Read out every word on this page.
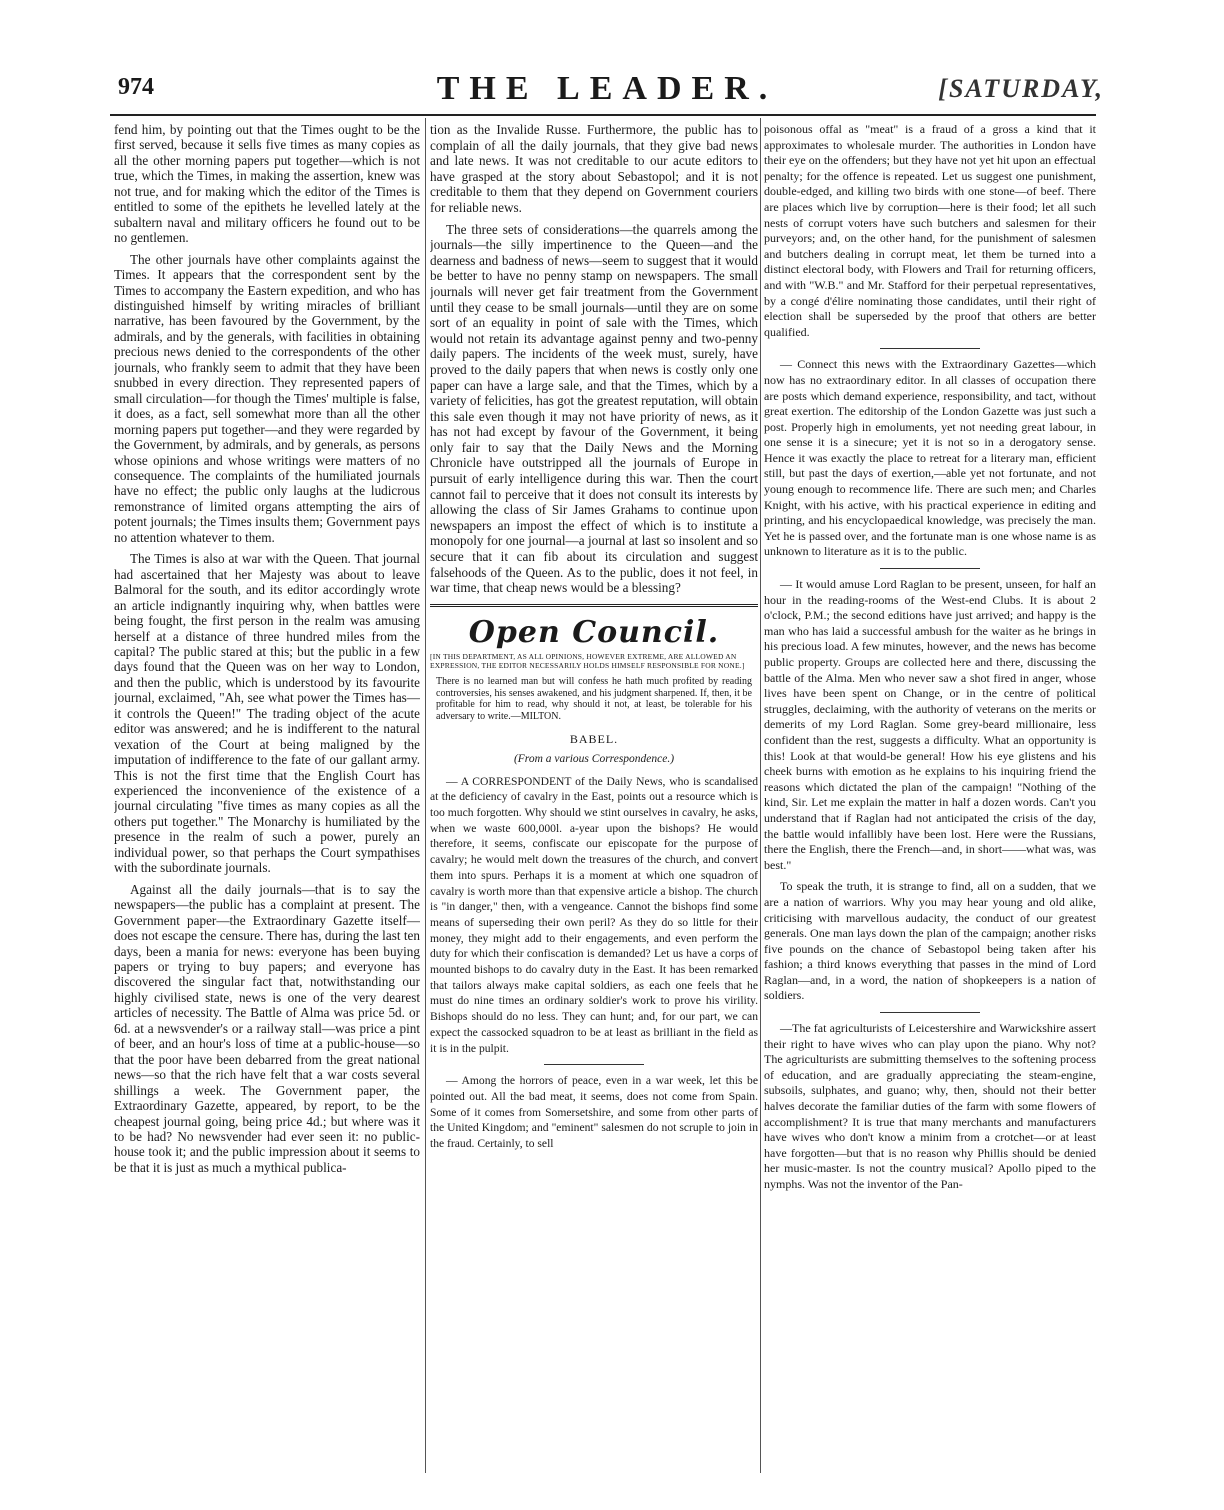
974	THE LEADER.	[SATURDAY,

fend him, by pointing out that the Times ought to be the first served, because it sells five times as many copies as all the other morning papers put together—which is not true, which the Times, in making the assertion, knew was not true, and for making which the editor of the Times is entitled to some of the epithets he levelled lately at the subaltern naval and military officers he found out to be no gentlemen.

The other journals have other complaints against the Times. It appears that the correspondent sent by the Times to accompany the Eastern expedition, and who has distinguished himself by writing miracles of brilliant narrative, has been favoured by the Government, by the admirals, and by the generals, with facilities in obtaining precious news denied to the correspondents of the other journals, who frankly seem to admit that they have been snubbed in every direction. They represented papers of small circulation—for though the Times' multiple is false, it does, as a fact, sell somewhat more than all the other morning papers put together—and they were regarded by the Government, by admirals, and by generals, as persons whose opinions and whose writings were matters of no consequence. The complaints of the humiliated journals have no effect; the public only laughs at the ludicrous remonstrance of limited organs attempting the airs of potent journals; the Times insults them; Government pays no attention whatever to them.

The Times is also at war with the Queen. That journal had ascertained that her Majesty was about to leave Balmoral for the south, and its editor accordingly wrote an article indignantly inquiring why, when battles were being fought, the first person in the realm was amusing herself at a distance of three hundred miles from the capital? The public stared at this; but the public in a few days found that the Queen was on her way to London, and then the public, which is understood by its favourite journal, exclaimed, "Ah, see what power the Times has—it controls the Queen!" The trading object of the acute editor was answered; and he is indifferent to the natural vexation of the Court at being maligned by the imputation of indifference to the fate of our gallant army. This is not the first time that the English Court has experienced the inconvenience of the existence of a journal circulating "five times as many copies as all the others put together." The Monarchy is humiliated by the presence in the realm of such a power, purely an individual power, so that perhaps the Court sympathises with the subordinate journals.

Against all the daily journals—that is to say the newspapers—the public has a complaint at present. The Government paper—the Extraordinary Gazette itself—does not escape the censure. There has, during the last ten days, been a mania for news: everyone has been buying papers or trying to buy papers; and everyone has discovered the singular fact that, notwithstanding our highly civilised state, news is one of the very dearest articles of necessity. The Battle of Alma was price 5d. or 6d. at a newsvender's or a railway stall—was price a pint of beer, and an hour's loss of time at a public-house—so that the poor have been debarred from the great national news—so that the rich have felt that a war costs several shillings a week. The Government paper, the Extraordinary Gazette, appeared, by report, to be the cheapest journal going, being price 4d.; but where was it to be had? No newsvender had ever seen it: no public-house took it; and the public impression about it seems to be that it is just as much a mythical publica-

tion as the Invalide Russe. Furthermore, the public has to complain of all the daily journals, that they give bad news and late news. It was not creditable to our acute editors to have grasped at the story about Sebastopol; and it is not creditable to them that they depend on Government couriers for reliable news.

The three sets of considerations—the quarrels among the journals—the silly impertinence to the Queen—and the dearness and badness of news—seem to suggest that it would be better to have no penny stamp on newspapers. The small journals will never get fair treatment from the Government until they cease to be small journals—until they are on some sort of an equality in point of sale with the Times, which would not retain its advantage against penny and two-penny daily papers. The incidents of the week must, surely, have proved to the daily papers that when news is costly only one paper can have a large sale, and that the Times, which by a variety of felicities, has got the greatest reputation, will obtain this sale even though it may not have priority of news, as it has not had except by favour of the Government, it being only fair to say that the Daily News and the Morning Chronicle have outstripped all the journals of Europe in pursuit of early intelligence during this war. Then the court cannot fail to perceive that it does not consult its interests by allowing the class of Sir James Grahams to continue upon newspapers an impost the effect of which is to institute a monopoly for one journal—a journal at last so insolent and so secure that it can fib about its circulation and suggest falsehoods of the Queen. As to the public, does it not feel, in war time, that cheap news would be a blessing?

Open Council.
[IN THIS DEPARTMENT, AS ALL OPINIONS, HOWEVER EXTREME, ARE ALLOWED AN EXPRESSION, THE EDITOR NECESSARILY HOLDS HIMSELF RESPONSIBLE FOR NONE.]
There is no learned man but will confess he hath much profited by reading controversies, his senses awakened, and his judgment sharpened. If, then, it be profitable for him to read, why should it not, at least, be tolerable for his adversary to write.—MILTON.
BABEL.
(From a various Correspondence.)

— A CORRESPONDENT of the Daily News, who is scandalised at the deficiency of cavalry in the East, points out a resource which is too much forgotten. Why should we stint ourselves in cavalry, he asks, when we waste 600,000l. a-year upon the bishops? He would therefore, it seems, confiscate our episcopate for the purpose of cavalry; he would melt down the treasures of the church, and convert them into spurs. Perhaps it is a moment at which one squadron of cavalry is worth more than that expensive article a bishop. The church is "in danger," then, with a vengeance. Cannot the bishops find some means of superseding their own peril? As they do so little for their money, they might add to their engagements, and even perform the duty for which their confiscation is demanded? Let us have a corps of mounted bishops to do cavalry duty in the East. It has been remarked that tailors always make capital soldiers, as each one feels that he must do nine times an ordinary soldier's work to prove his virility. Bishops should do no less. They can hunt; and, for our part, we can expect the cassocked squadron to be at least as brilliant in the field as it is in the pulpit.

— Among the horrors of peace, even in a war week, let this be pointed out. All the bad meat, it seems, does not come from Spain. Some of it comes from Somersetshire, and some from other parts of the United Kingdom; and "eminent" salesmen do not scruple to join in the fraud. Certainly, to sell

poisonous offal as "meat" is a fraud of a gross a kind that it approximates to wholesale murder. The authorities in London have their eye on the offenders; but they have not yet hit upon an effectual penalty; for the offence is repeated. Let us suggest one punishment, double-edged, and killing two birds with one stone—of beef. There are places which live by corruption—here is their food; let all such nests of corrupt voters have such butchers and salesmen for their purveyors; and, on the other hand, for the punishment of salesmen and butchers dealing in corrupt meat, let them be turned into a distinct electoral body, with Flowers and Trail for returning officers, and with "W.B." and Mr. Stafford for their perpetual representatives, by a congé d'élire nominating those candidates, until their right of election shall be superseded by the proof that others are better qualified.

— Connect this news with the Extraordinary Gazettes—which now has no extraordinary editor. In all classes of occupation there are posts which demand experience, responsibility, and tact, without great exertion. The editorship of the London Gazette was just such a post. Properly high in emoluments, yet not needing great labour, in one sense it is a sinecure; yet it is not so in a derogatory sense. Hence it was exactly the place to retreat for a literary man, efficient still, but past the days of exertion,—able yet not fortunate, and not young enough to recommence life. There are such men; and Charles Knight, with his active, with his practical experience in editing and printing, and his encyclopaedical knowledge, was precisely the man. Yet he is passed over, and the fortunate man is one whose name is as unknown to literature as it is to the public.

— It would amuse Lord Raglan to be present, unseen, for half an hour in the reading-rooms of the West-end Clubs. It is about 2 o'clock, P.M.; the second editions have just arrived; and happy is the man who has laid a successful ambush for the waiter as he brings in his precious load. A few minutes, however, and the news has become public property. Groups are collected here and there, discussing the battle of the Alma. Men who never saw a shot fired in anger, whose lives have been spent on Change, or in the centre of political struggles, declaiming, with the authority of veterans on the merits or demerits of my Lord Raglan. Some grey-beard millionaire, less confident than the rest, suggests a difficulty. What an opportunity is this! Look at that would-be general! How his eye glistens and his cheek burns with emotion as he explains to his inquiring friend the reasons which dictated the plan of the campaign! "Nothing of the kind, Sir. Let me explain the matter in half a dozen words. Can't you understand that if Raglan had not anticipated the crisis of the day, the battle would infallibly have been lost. Here were the Russians, there the English, there the French—and, in short——what was, was best."

To speak the truth, it is strange to find, all on a sudden, that we are a nation of warriors. Why you may hear young and old alike, criticising with marvellous audacity, the conduct of our greatest generals. One man lays down the plan of the campaign; another risks five pounds on the chance of Sebastopol being taken after his fashion; a third knows everything that passes in the mind of Lord Raglan—and, in a word, the nation of shopkeepers is a nation of soldiers.

—The fat agriculturists of Leicestershire and Warwickshire assert their right to have wives who can play upon the piano. Why not? The agriculturists are submitting themselves to the softening process of education, and are gradually appreciating the steam-engine, subsoils, sulphates, and guano; why, then, should not their better halves decorate the familiar duties of the farm with some flowers of accomplishment? It is true that many merchants and manufacturers have wives who don't know a minim from a crotchet—or at least have forgotten—but that is no reason why Phillis should be denied her music-master. Is not the country musical? Apollo piped to the nymphs. Was not the inventor of the Pan-
